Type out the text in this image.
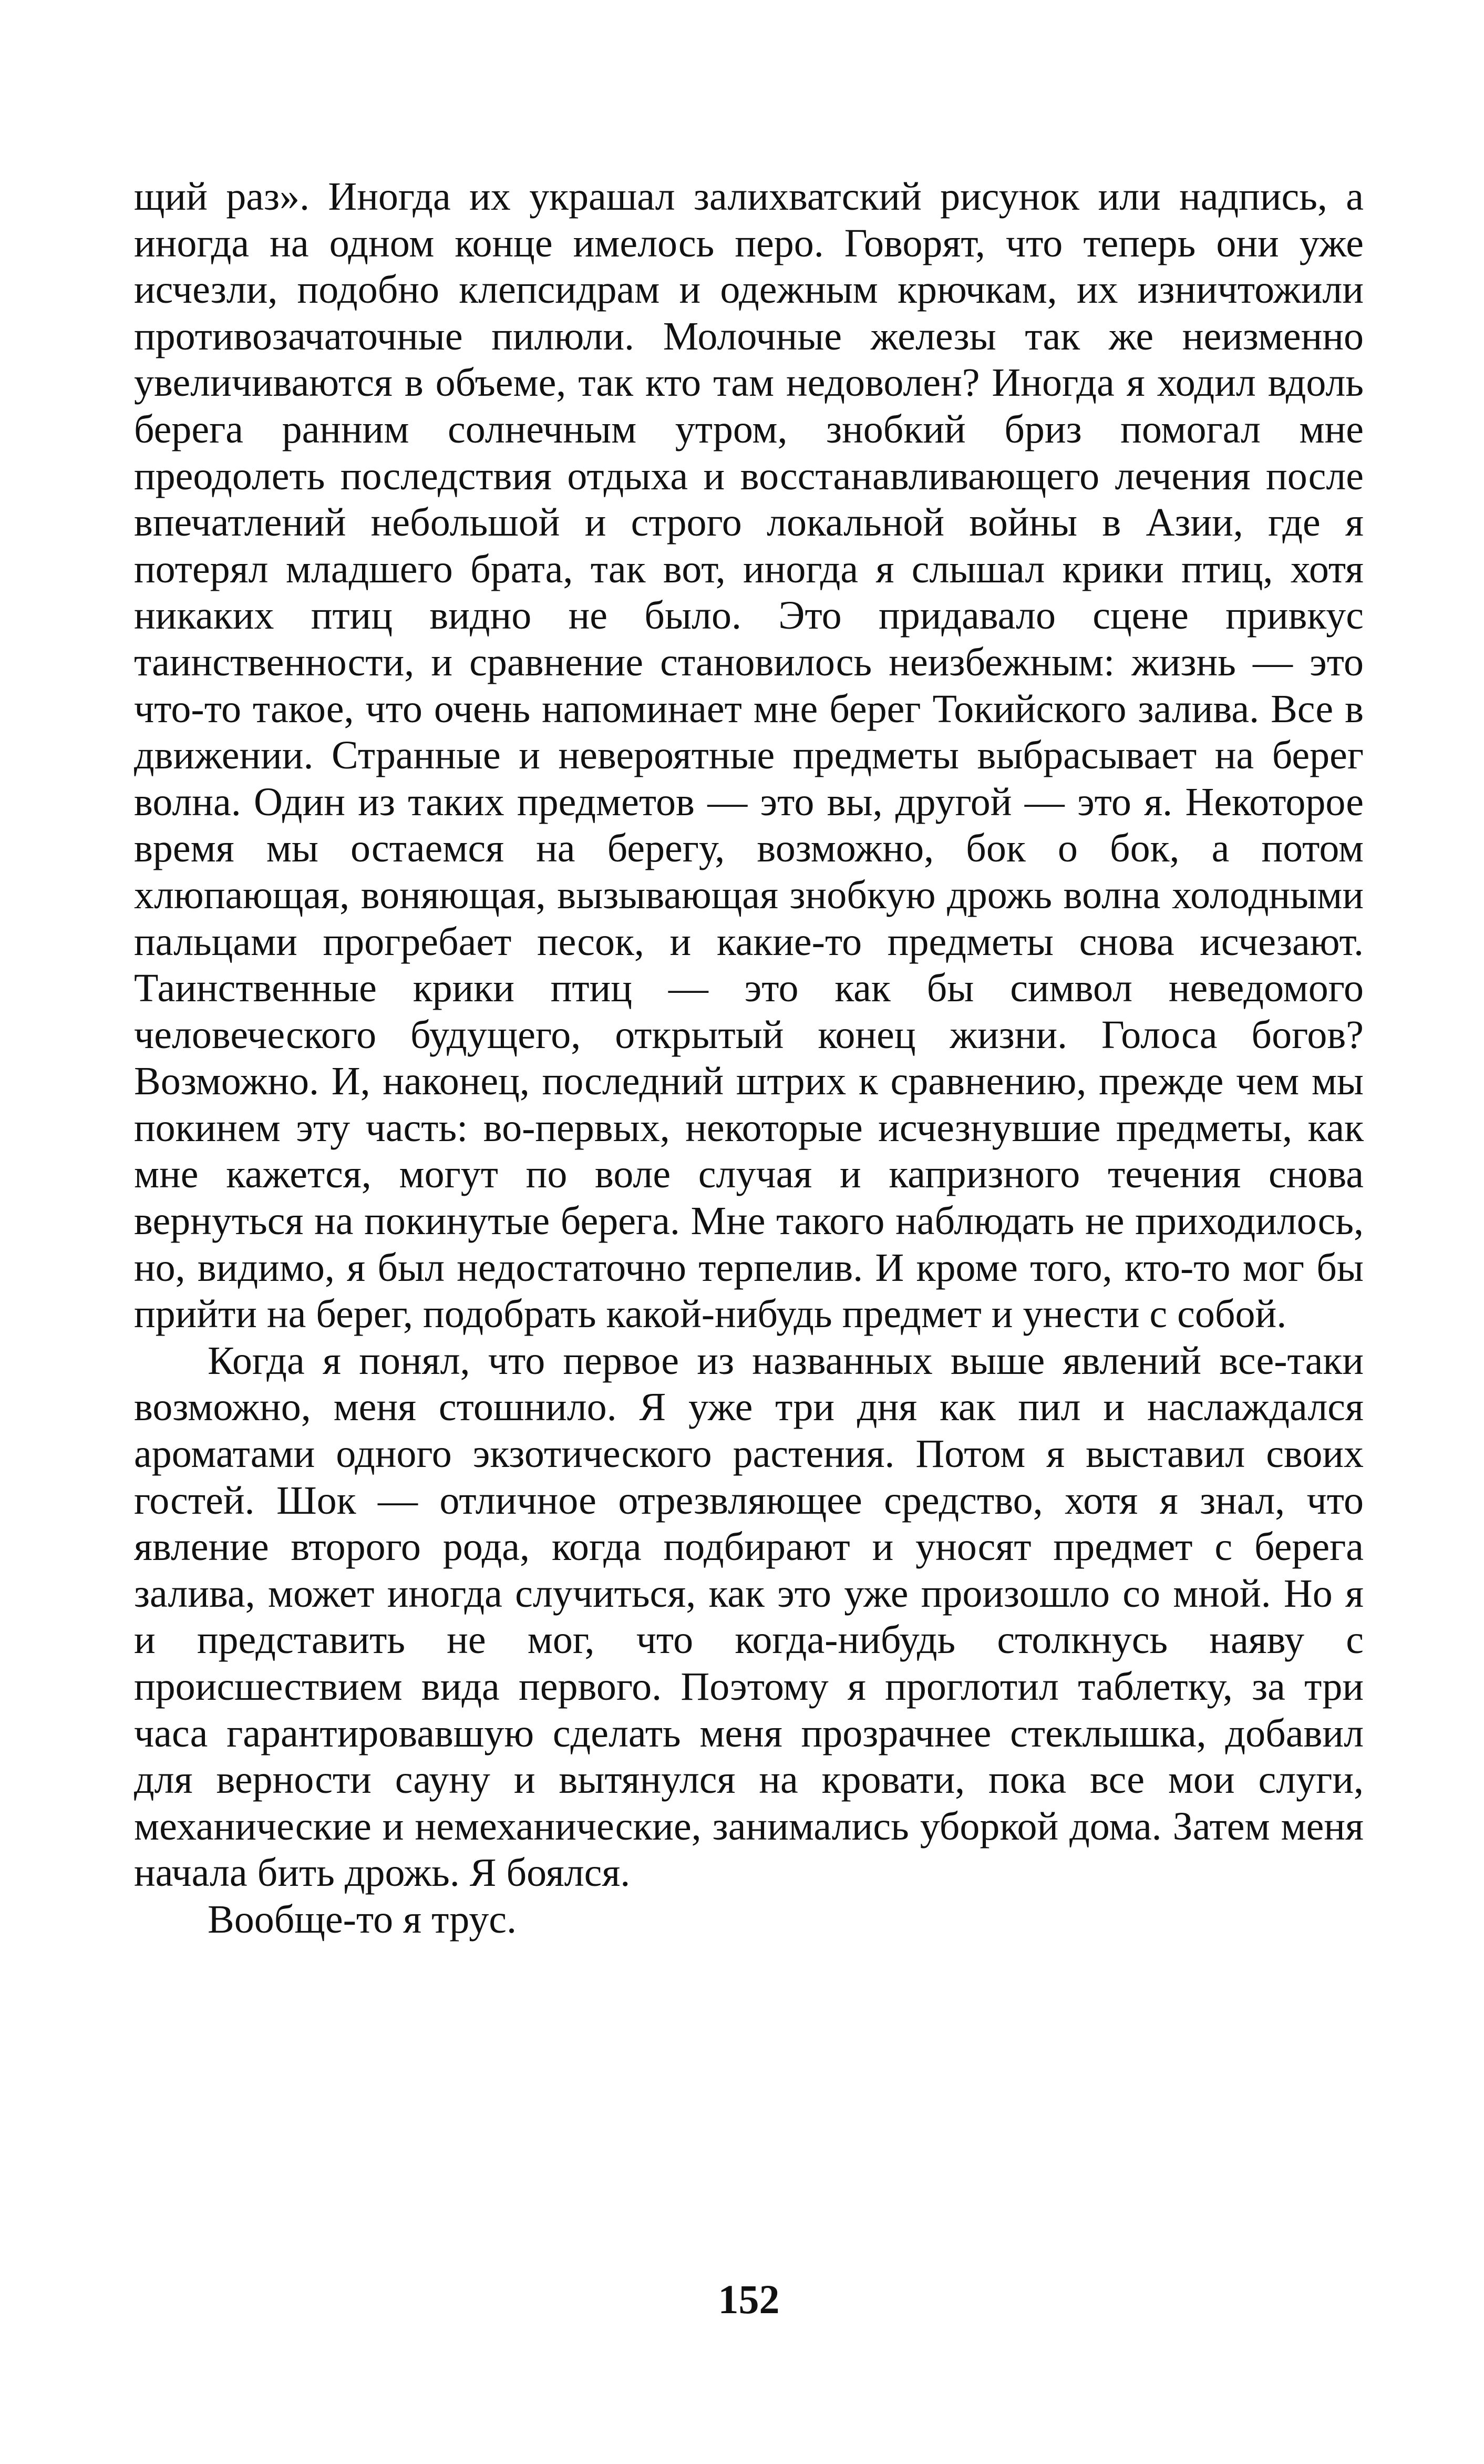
щий раз». Иногда их украшал залихватский рисунок или надпись, а иногда на одном конце имелось перо. Говорят, что теперь они уже исчезли, подобно клепсидрам и одежным крючкам, их изничтожили противозачаточные пилюли. Молочные железы так же неизменно увеличиваются в объеме, так кто там недоволен? Иногда я ходил вдоль берега ранним солнечным утром, знобкий бриз помогал мне преодолеть последствия отдыха и восстанавливающего лечения после впечатлений небольшой и строго локальной войны в Азии, где я потерял младшего брата, так вот, иногда я слышал крики птиц, хотя никаких птиц видно не было. Это придавало сцене привкус таинственности, и сравнение становилось неизбежным: жизнь — это что-то такое, что очень напоминает мне берег Токийского залива. Все в движении. Странные и невероятные предметы выбрасывает на берег волна. Один из таких предметов — это вы, другой — это я. Некоторое время мы остаемся на берегу, возможно, бок о бок, а потом хлюпающая, воняющая, вызывающая знобкую дрожь волна холодными пальцами прогребает песок, и какие-то предметы снова исчезают. Таинственные крики птиц — это как бы символ неведомого человеческого будущего, открытый конец жизни. Голоса богов? Возможно. И, наконец, последний штрих к сравнению, прежде чем мы покинем эту часть: во-первых, некоторые исчезнувшие предметы, как мне кажется, могут по воле случая и капризного течения снова вернуться на покинутые берега. Мне такого наблюдать не приходилось, но, видимо, я был недостаточно терпелив. И кроме того, кто-то мог бы прийти на берег, подобрать какой-нибудь предмет и унести с собой.

Когда я понял, что первое из названных выше явлений все-таки возможно, меня стошнило. Я уже три дня как пил и наслаждался ароматами одного экзотического растения. Потом я выставил своих гостей. Шок — отличное отрезвляющее средство, хотя я знал, что явление второго рода, когда подбирают и уносят предмет с берега залива, может иногда случиться, как это уже произошло со мной. Но я и представить не мог, что когда-нибудь столкнусь наяву с происшествием вида первого. Поэтому я проглотил таблетку, за три часа гарантировавшую сделать меня прозрачнее стеклышка, добавил для верности сауну и вытянулся на кровати, пока все мои слуги, механические и немеханические, занимались уборкой дома. Затем меня начала бить дрожь. Я боялся.

Вообще-то я трус.

152
